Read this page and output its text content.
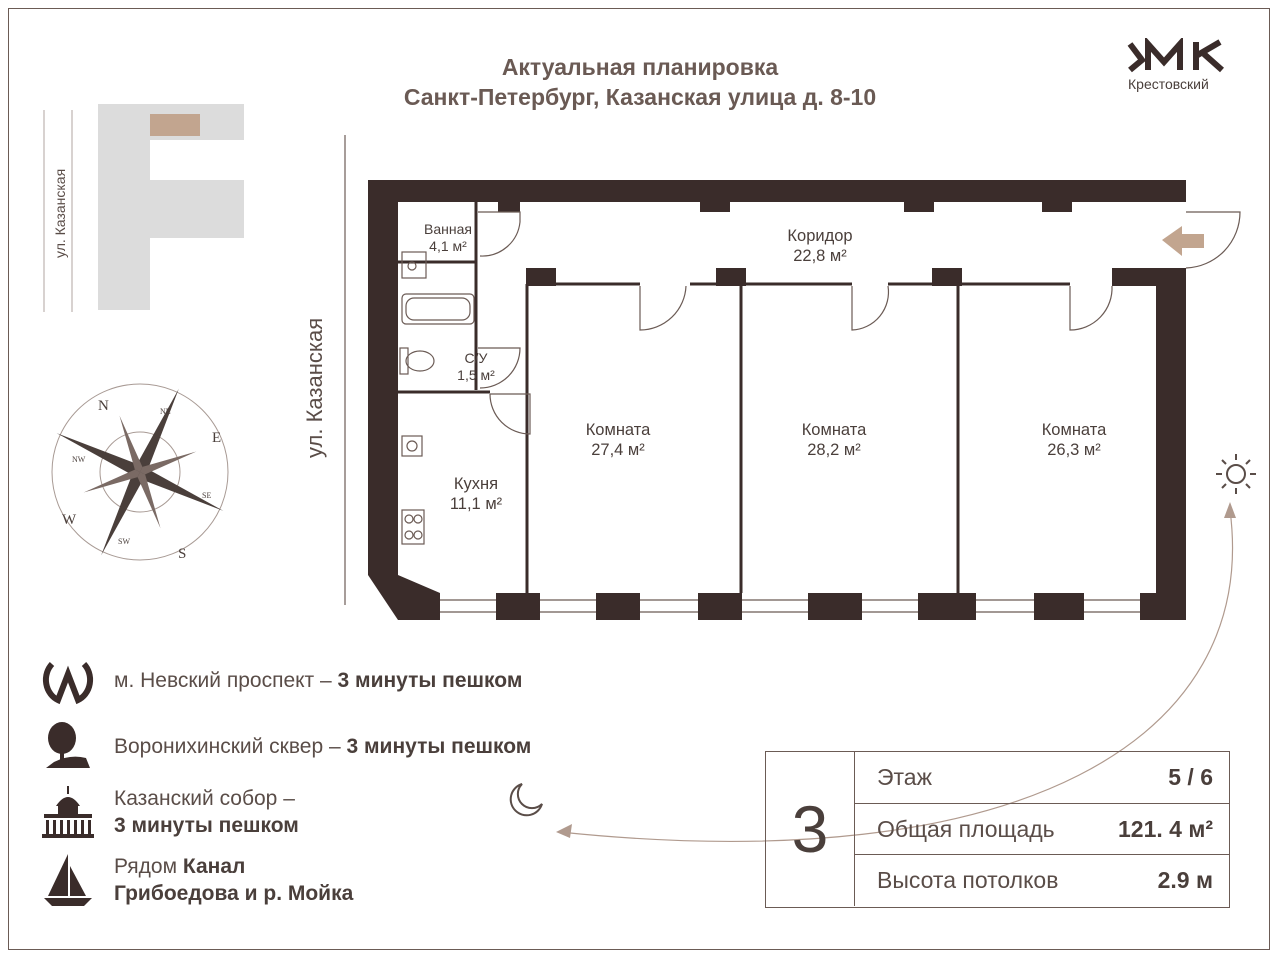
Актуальная планировка
Санкт-Петербург, Казанская улица д. 8-10	Крестовский
ул. Казанская
ул. Казанская
N
E
S
W
NE
NW
SE
SW
Ванная
4,1 м²
Коридор
22,8 м²
С/У
1,5 м²
Кухня
11,1 м²
Комната
27,4 м²
Комната
28,2 м²
Комната
26,3 м²
м. Невский проспект – 3 минуты пешком
Воронихинский сквер – 3 минуты пешком
Казанский собор –
3 минуты пешком
Рядом Канал
Грибоедова и р. Мойка
3
Этаж	5 / 6
Общая площадь	121. 4 м²
Высота потолков	2.9 м
